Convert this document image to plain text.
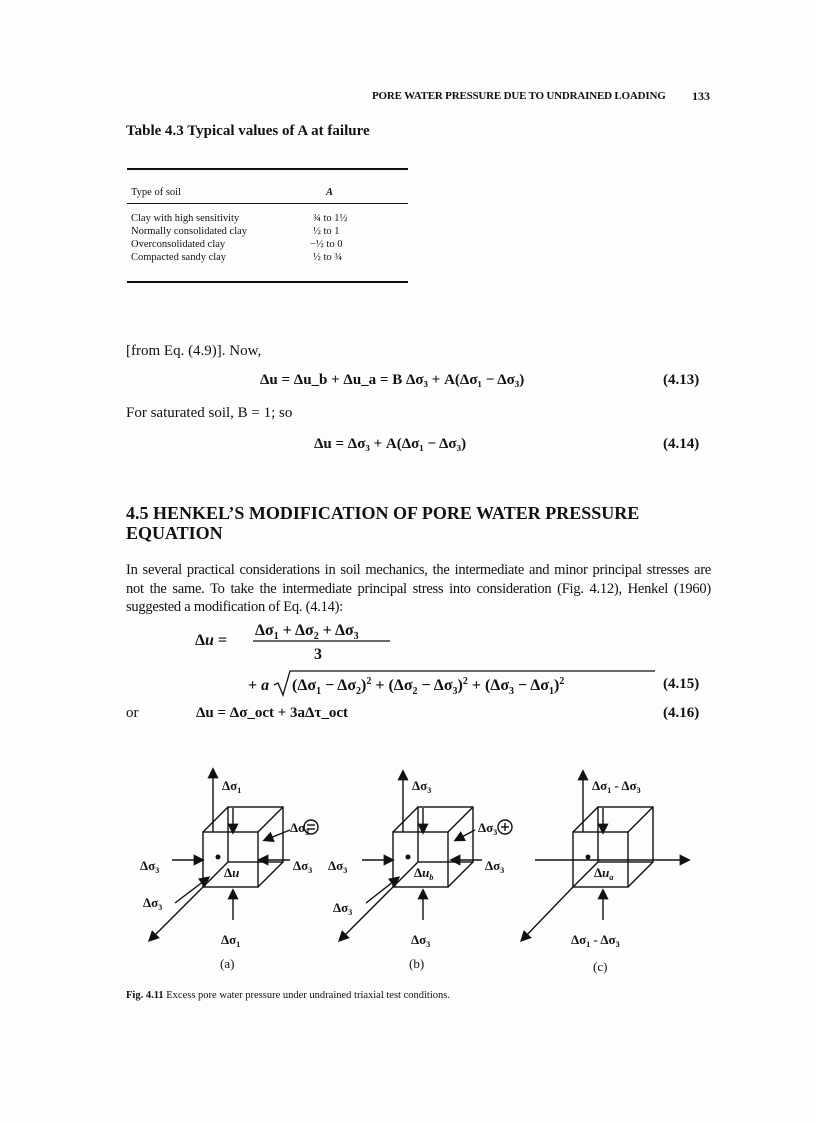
PORE WATER PRESSURE DUE TO UNDRAINED LOADING 133
Table 4.3 Typical values of A at failure
Type of soil	A
Clay with high sensitivity	¾ to 1½
Normally consolidated clay	½ to 1
Overconsolidated clay	−½ to 0
Compacted sandy clay	½ to ¾
[from Eq. (4.9)]. Now,
Δu = Δu_b + Δu_a = B Δσ₃ + A(Δσ₁ − Δσ₃)	(4.13)
For saturated soil, B = 1; so
Δu = Δσ₃ + A(Δσ₁ − Δσ₃)	(4.14)
4.5 HENKEL’S MODIFICATION OF PORE WATER PRESSURE EQUATION
In several practical considerations in soil mechanics, the intermediate and minor principal stresses are not the same. To take the intermediate principal stress into consideration (Fig. 4.12), Henkel (1960) suggested a modification of Eq. (4.14):
Δu =
$\Delta\sigma_1 + \Delta\sigma_2 + \Delta\sigma_3$
3
+ a $(\Delta\sigma_1 - \Delta\sigma_2)^2 + (\Delta\sigma_2 - \Delta\sigma_3)^2 + (\Delta\sigma_3 - \Delta\sigma_1)^2$	(4.15)
or	Δu = Δσ_oct + 3aΔτ_oct	(4.16)
$\Delta\sigma_1$
$\Delta\sigma_3$
$\Delta\sigma_3$
$\Delta\sigma_3$
Δu	$\Delta\sigma_3$
$\Delta\sigma_1$
$\Delta\sigma_3$
$\Delta\sigma_3$
$\Delta\sigma_3$
$\Delta\sigma_3$
$\Delta u_b$
$\Delta\sigma_3$
$\Delta\sigma_3$
$\Delta\sigma_1 - \Delta\sigma_3$
$\Delta u_a$
$\Delta\sigma_1 - \Delta\sigma_3$
(a)	(b)	(c)
Fig. 4.11 Excess pore water pressure under undrained triaxial test conditions.
